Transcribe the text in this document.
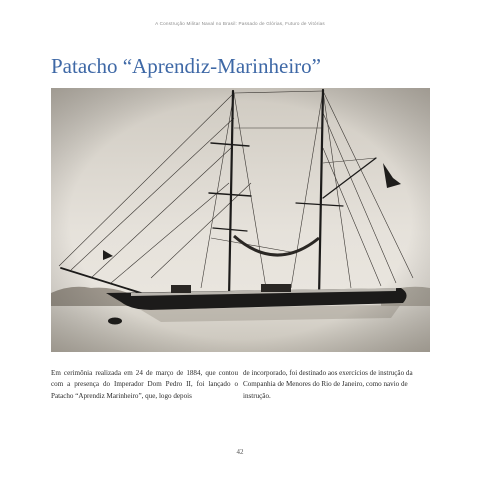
A Construção Militar Naval no Brasil: Passado de Glórias, Futuro de Vitórias
Patacho “Aprendiz-Marinheiro”

Em cerimônia realizada em 24 de março de 1884, que contou com a presença do Imperador Dom Pedro II, foi lançado o Patacho “Aprendiz Marinheiro”, que, logo depois

de incorporado, foi destinado aos exercícios de instrução da Companhia de Menores do Rio de Janeiro, como navio de instrução.

42
